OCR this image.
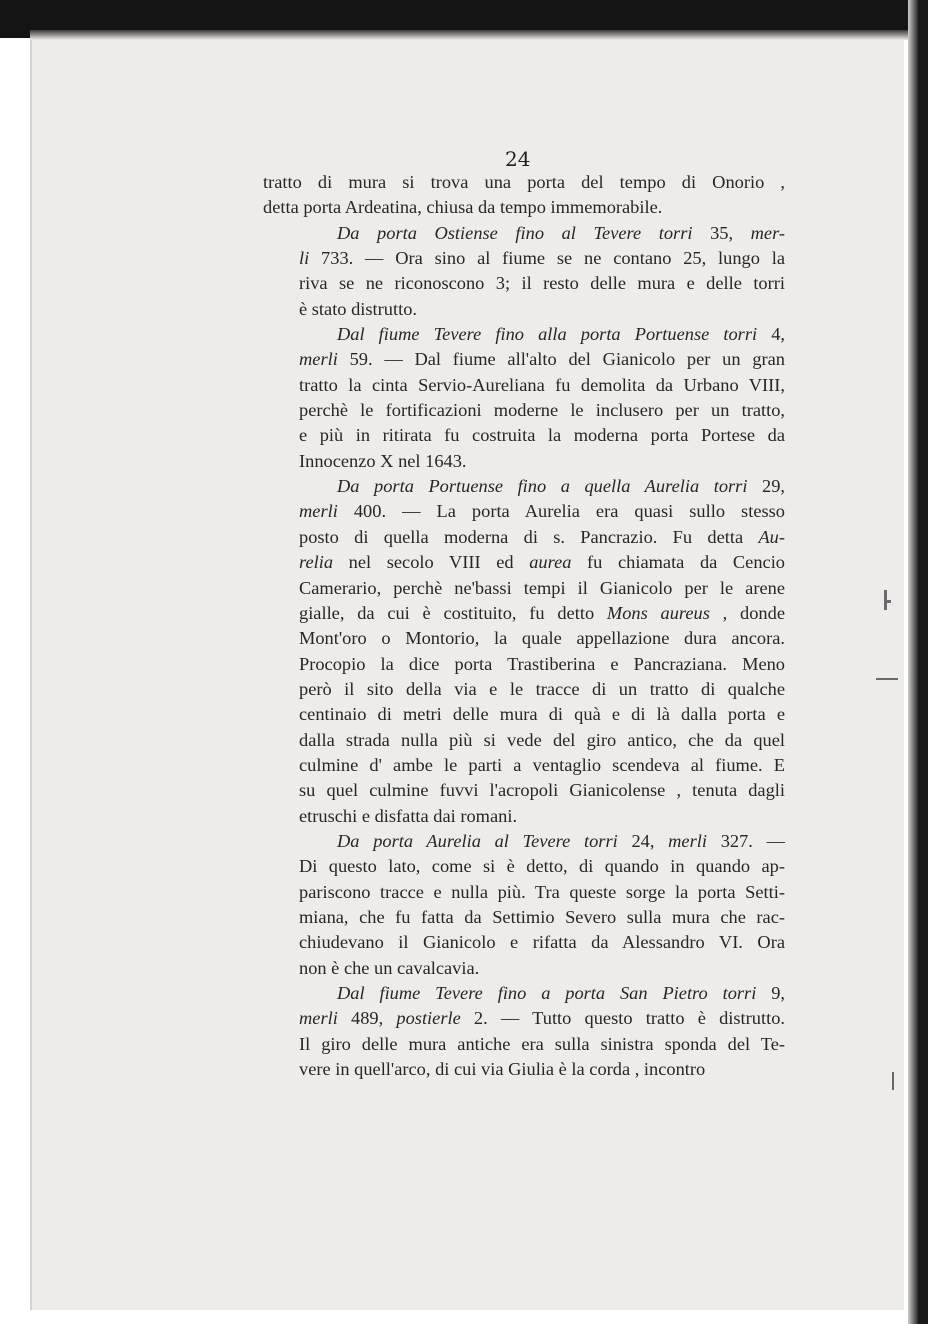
24
tratto di mura si trova una porta del tempo di Onorio ,
detta porta Ardeatina, chiusa da tempo immemorabile.
Da porta Ostiense fino al Tevere torri 35, mer-
li 733. — Ora sino al fiume se ne contano 25, lungo la
riva se ne riconoscono 3; il resto delle mura e delle torri
è stato distrutto.
Dal fiume Tevere fino alla porta Portuense torri 4,
merli 59. — Dal fiume all'alto del Gianicolo per un gran
tratto la cinta Servio-Aureliana fu demolita da Urbano VIII,
perchè le fortificazioni moderne le inclusero per un tratto,
e più in ritirata fu costruita la moderna porta Portese da
Innocenzo X nel 1643.
Da porta Portuense fino a quella Aurelia torri 29,
merli 400. — La porta Aurelia era quasi sullo stesso
posto di quella moderna di s. Pancrazio. Fu detta Au-
relia nel secolo VIII ed aurea fu chiamata da Cencio
Camerario, perchè ne'bassi tempi il Gianicolo per le arene
gialle, da cui è costituito, fu detto Mons aureus , donde
Mont'oro o Montorio, la quale appellazione dura ancora.
Procopio la dice porta Trastiberina e Pancraziana. Meno
però il sito della via e le tracce di un tratto di qualche
centinaio di metri delle mura di quà e di là dalla porta e
dalla strada nulla più si vede del giro antico, che da quel
culmine d' ambe le parti a ventaglio scendeva al fiume. E
su quel culmine fuvvi l'acropoli Gianicolense , tenuta dagli
etruschi e disfatta dai romani.
Da porta Aurelia al Tevere torri 24, merli 327. —
Di questo lato, come si è detto, di quando in quando ap-
pariscono tracce e nulla più. Tra queste sorge la porta Setti-
miana, che fu fatta da Settimio Severo sulla mura che rac-
chiudevano il Gianicolo e rifatta da Alessandro VI. Ora
non è che un cavalcavia.
Dal fiume Tevere fino a porta San Pietro torri 9,
merli 489, postierle 2. — Tutto questo tratto è distrutto.
Il giro delle mura antiche era sulla sinistra sponda del Te-
vere in quell'arco, di cui via Giulia è la corda , incontro
